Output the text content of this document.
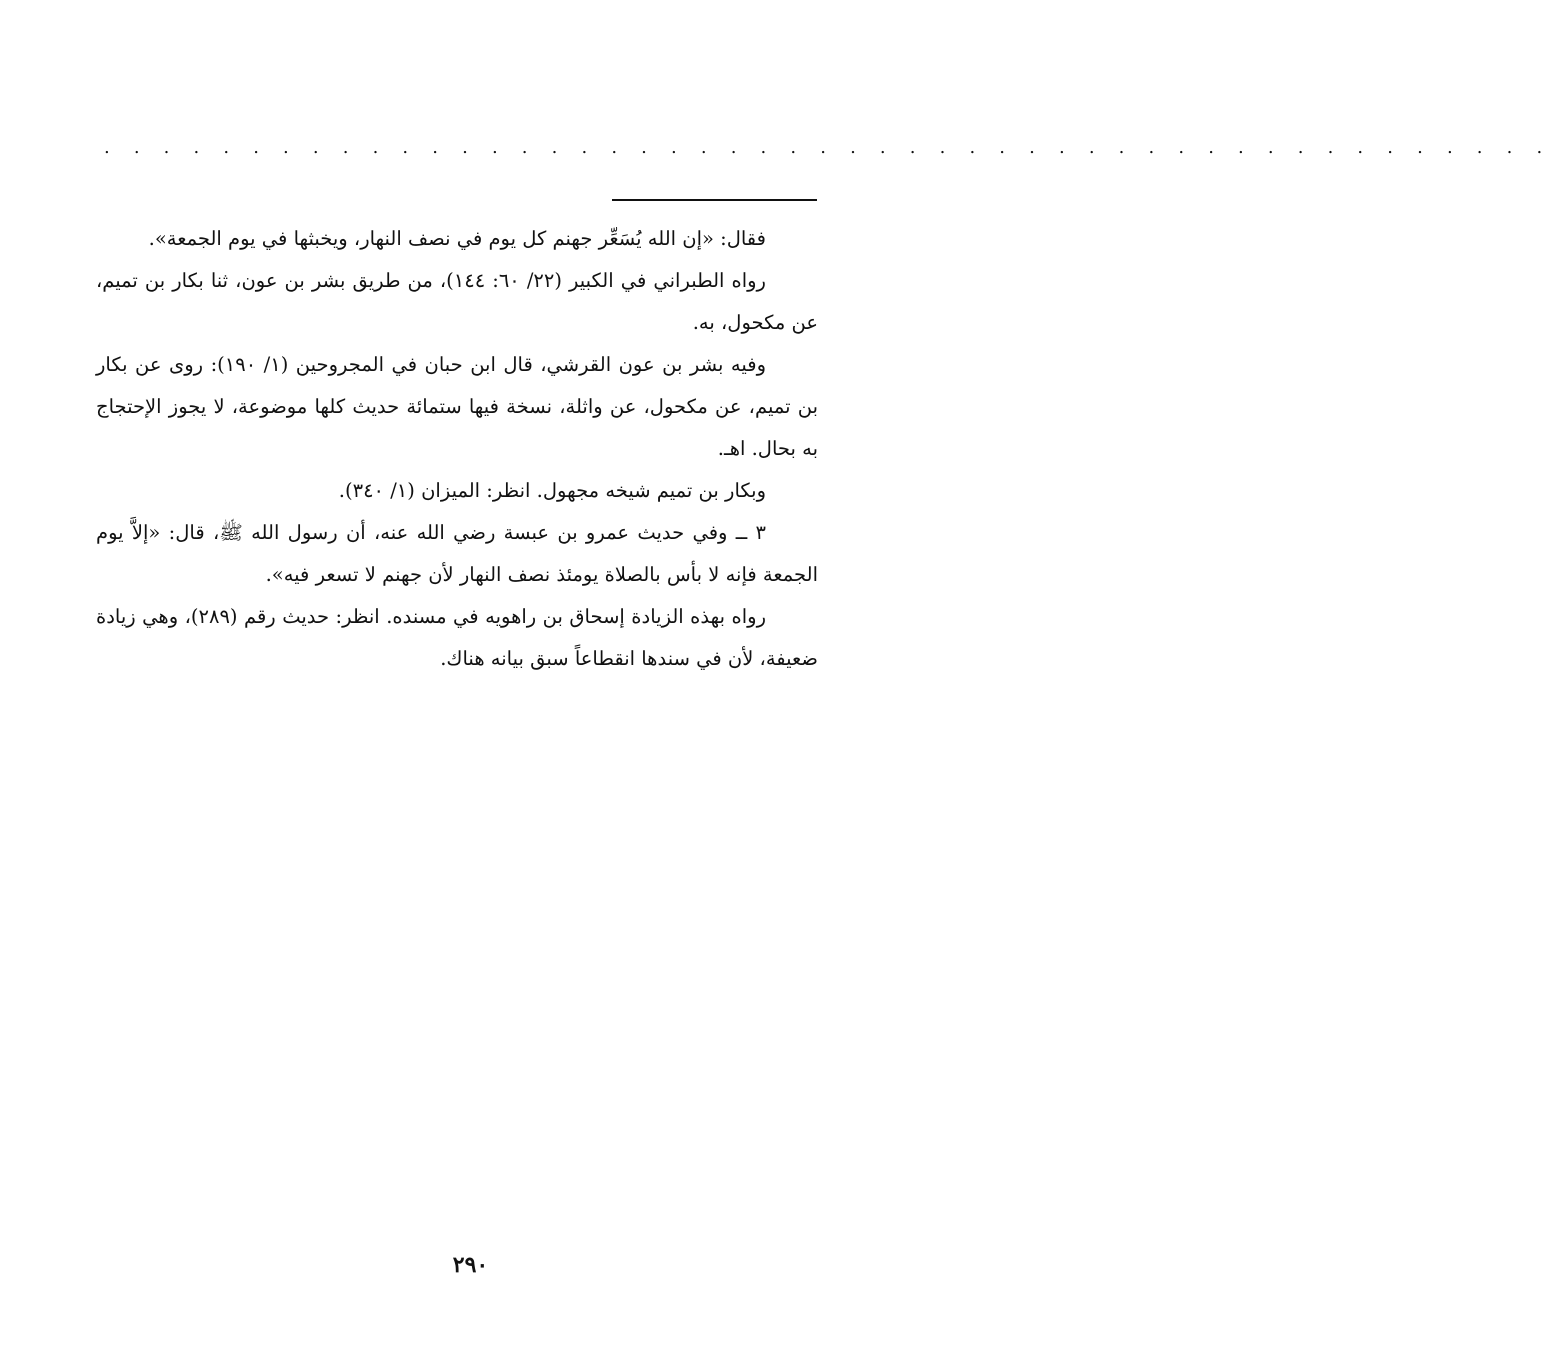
. . . . . . . . . . . . . . . . . . . . . . . . . . . . . . . . . . . . . . . . . . . . . . . . .

فقال: «إن الله يُسَعِّر جهنم كل يوم في نصف النهار، ويخبثها في يوم الجمعة».

رواه الطبراني في الكبير (٢٢/ ٦٠: ١٤٤)، من طريق بشر بن عون، ثنا بكار بن تميم، عن مكحول، به.

وفيه بشر بن عون القرشي، قال ابن حبان في المجروحين (١/ ١٩٠): روى عن بكار بن تميم، عن مكحول، عن واثلة، نسخة فيها ستمائة حديث كلها موضوعة، لا يجوز الإحتجاج به بحال. اهـ.

وبكار بن تميم شيخه مجهول. انظر: الميزان (١/ ٣٤٠).

٣ ــ وفي حديث عمرو بن عبسة رضي الله عنه، أن رسول الله ﷺ، قال: «إلاَّ يوم الجمعة فإنه لا بأس بالصلاة يومئذ نصف النهار لأن جهنم لا تسعر فيه».

رواه بهذه الزيادة إسحاق بن راهويه في مسنده. انظر: حديث رقم (٢٨٩)، وهي زيادة ضعيفة، لأن في سندها انقطاعاً سبق بيانه هناك.

٢٩٠
